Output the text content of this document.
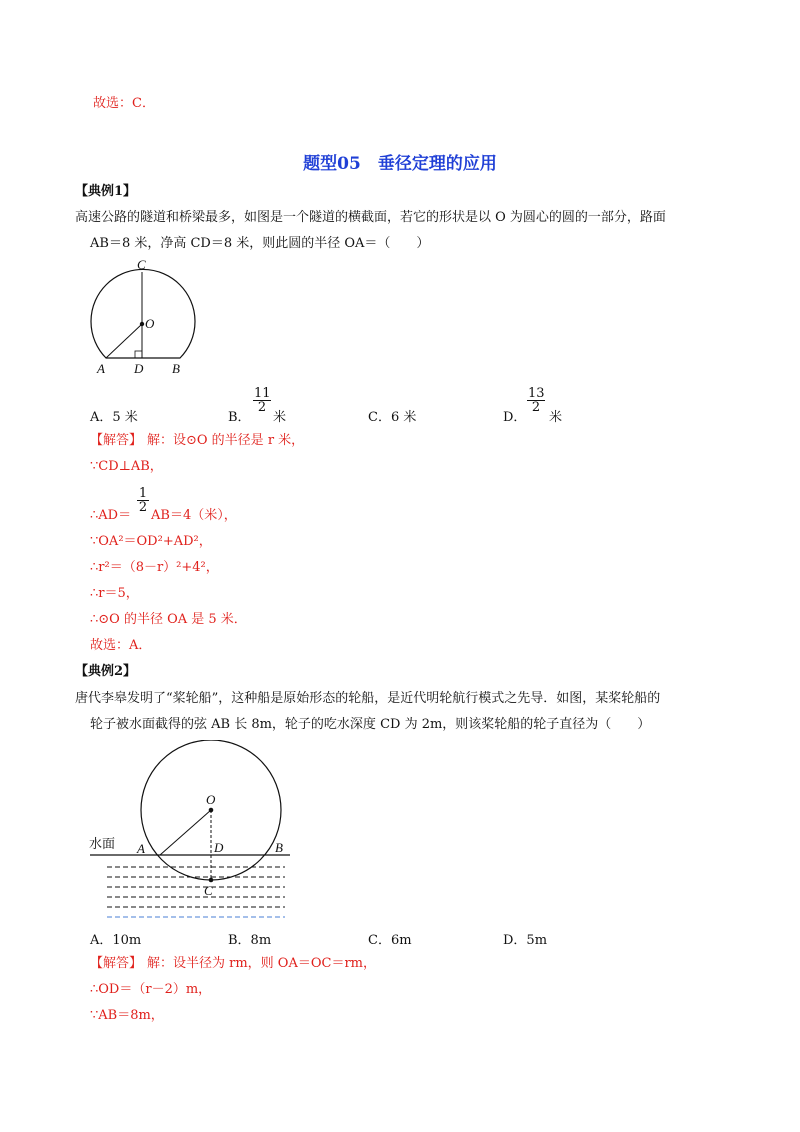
故选：C．
题型05　垂径定理的应用
【典例1】
高速公路的隧道和桥梁最多，如图是一个隧道的横截面，若它的形状是以 O 为圆心的圆的一部分，路面
AB＝8 米，净高 CD＝8 米，则此圆的半径 OA＝（　　）
C
O
A D B
A．5 米	B．
$\frac{11}{2}$
米	C．6 米	D．
$\frac{13}{2}$
米
【解答】 解：设⊙O 的半径是 r 米，
∵CD⊥AB，
∴AD＝
$\frac{1}{2}$
AB＝4（米），
∵OA²＝OD²+AD²，
∴r²＝（8－r）²+4²，
∴r＝5，
∴⊙O 的半径 OA 是 5 米．
故选：A．
【典例2】
唐代李皋发明了“桨轮船”，这种船是原始形态的轮船，是近代明轮航行模式之先导．如图，某桨轮船的
轮子被水面截得的弦 AB 长 8m，轮子的吃水深度 CD 为 2m，则该桨轮船的轮子直径为（　　）
水面
O
A	D	B
C
A．10m	B．8m	C．6m	D．5m
【解答】 解：设半径为 rm，则 OA＝OC＝rm，
∴OD＝（r－2）m，
∵AB＝8m，
